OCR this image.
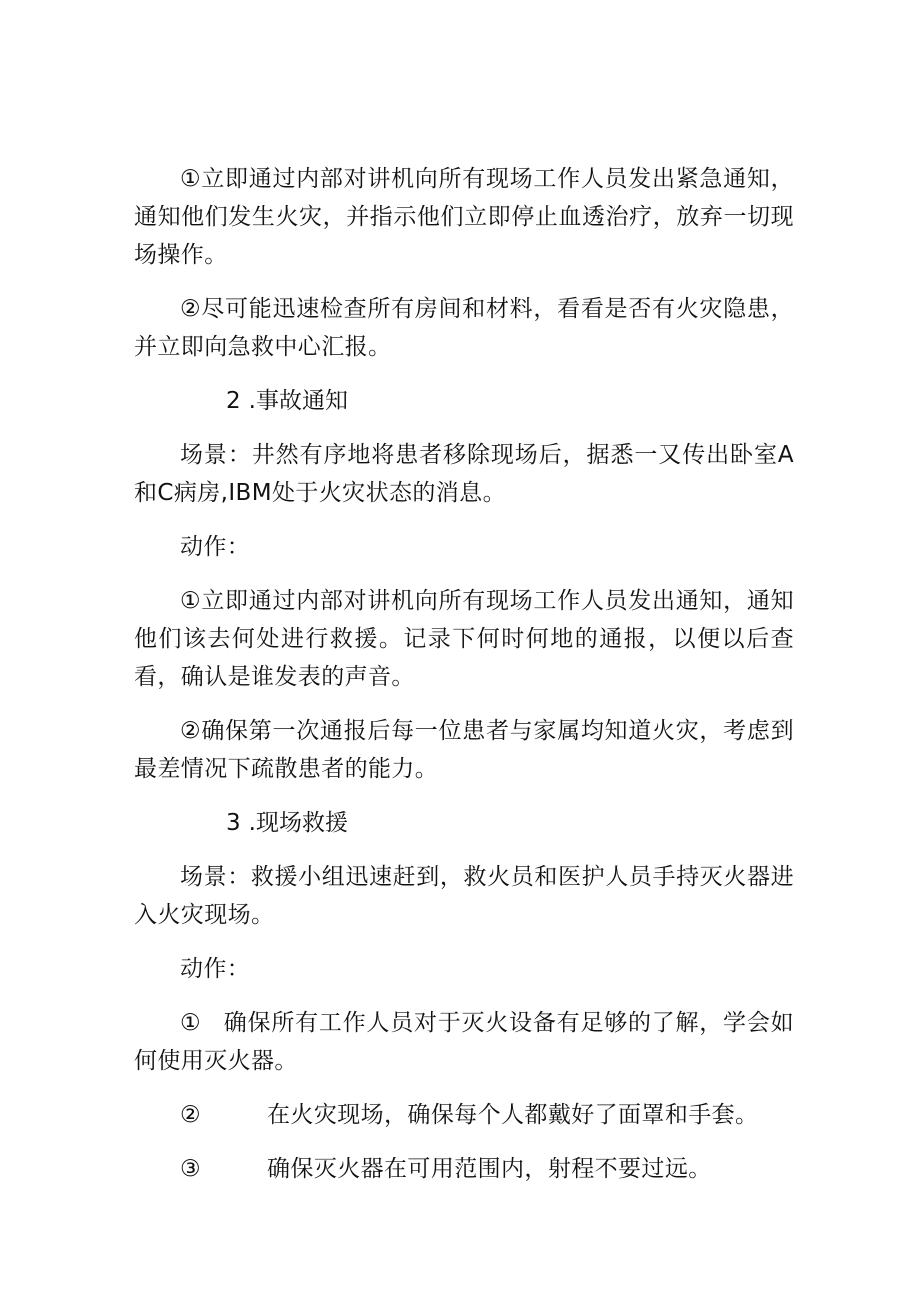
①立即通过内部对讲机向所有现场工作人员发出紧急通知，通知他们发生火灾，并指示他们立即停止血透治疗，放弃一切现场操作。

②尽可能迅速检查所有房间和材料，看看是否有火灾隐患，并立即向急救中心汇报。

2 .事故通知

场景：井然有序地将患者移除现场后，据悉一又传出卧室A和C病房,IBM处于火灾状态的消息。

动作：

①立即通过内部对讲机向所有现场工作人员发出通知，通知他们该去何处进行救援。记录下何时何地的通报，以便以后查看，确认是谁发表的声音。

②确保第一次通报后每一位患者与家属均知道火灾，考虑到最差情况下疏散患者的能力。

3 .现场救援

场景：救援小组迅速赶到，救火员和医护人员手持灭火器进入火灾现场。

动作：

① 确保所有工作人员对于灭火设备有足够的了解，学会如何使用灭火器。

②	在火灾现场，确保每个人都戴好了面罩和手套。

③	确保灭火器在可用范围内，射程不要过远。
